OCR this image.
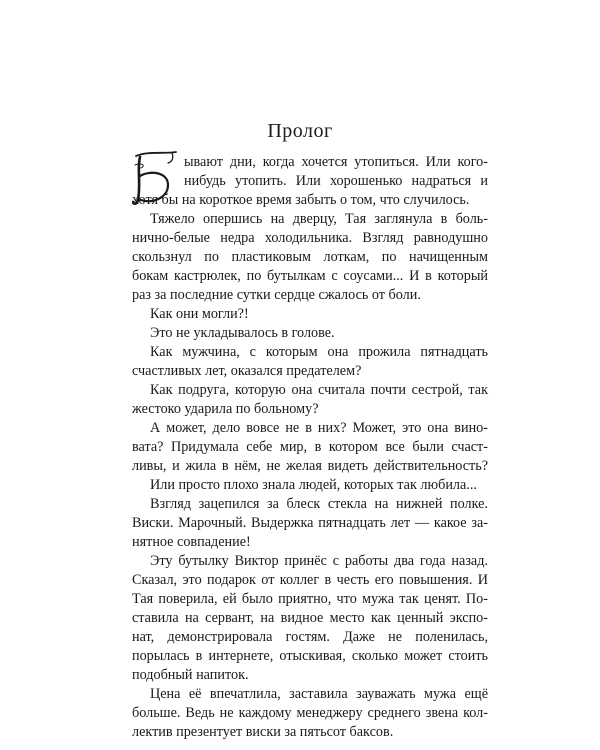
Пролог

ывают дни, когда хочется утопиться. Или кого-

нибудь утопить. Или хорошенько надраться и

хотя бы на короткое время забыть о том, что случилось.

Тяжело опершись на дверцу, Тая заглянула в боль-

нично-белые недра холодильника. Взгляд равнодушно

скользнул по пластиковым лоткам, по начищенным

бокам кастрюлек, по бутылкам с соусами... И в который

раз за последние сутки сердце сжалось от боли.

Как они могли?!

Это не укладывалось в голове.

Как мужчина, с которым она прожила пятнадцать

счастливых лет, оказался предателем?

Как подруга, которую она считала почти сестрой, так

жестоко ударила по больному?

А может, дело вовсе не в них? Может, это она вино-

вата? Придумала себе мир, в котором все были счаст-

ливы, и жила в нём, не желая видеть действительность?

Или просто плохо знала людей, которых так любила...

Взгляд зацепился за блеск стекла на нижней полке.

Виски. Марочный. Выдержка пятнадцать лет — какое за-

нятное совпадение!

Эту бутылку Виктор принёс с работы два года назад.

Сказал, это подарок от коллег в честь его повышения. И

Тая поверила, ей было приятно, что мужа так ценят. По-

ставила на сервант, на видное место как ценный экспо-

нат, демонстрировала гостям. Даже не поленилась,

порылась в интернете, отыскивая, сколько может стоить

подобный напиток.

Цена её впечатлила, заставила зауважать мужа ещё

больше. Ведь не каждому менеджеру среднего звена кол-

лектив презентует виски за пятьсот баксов.
